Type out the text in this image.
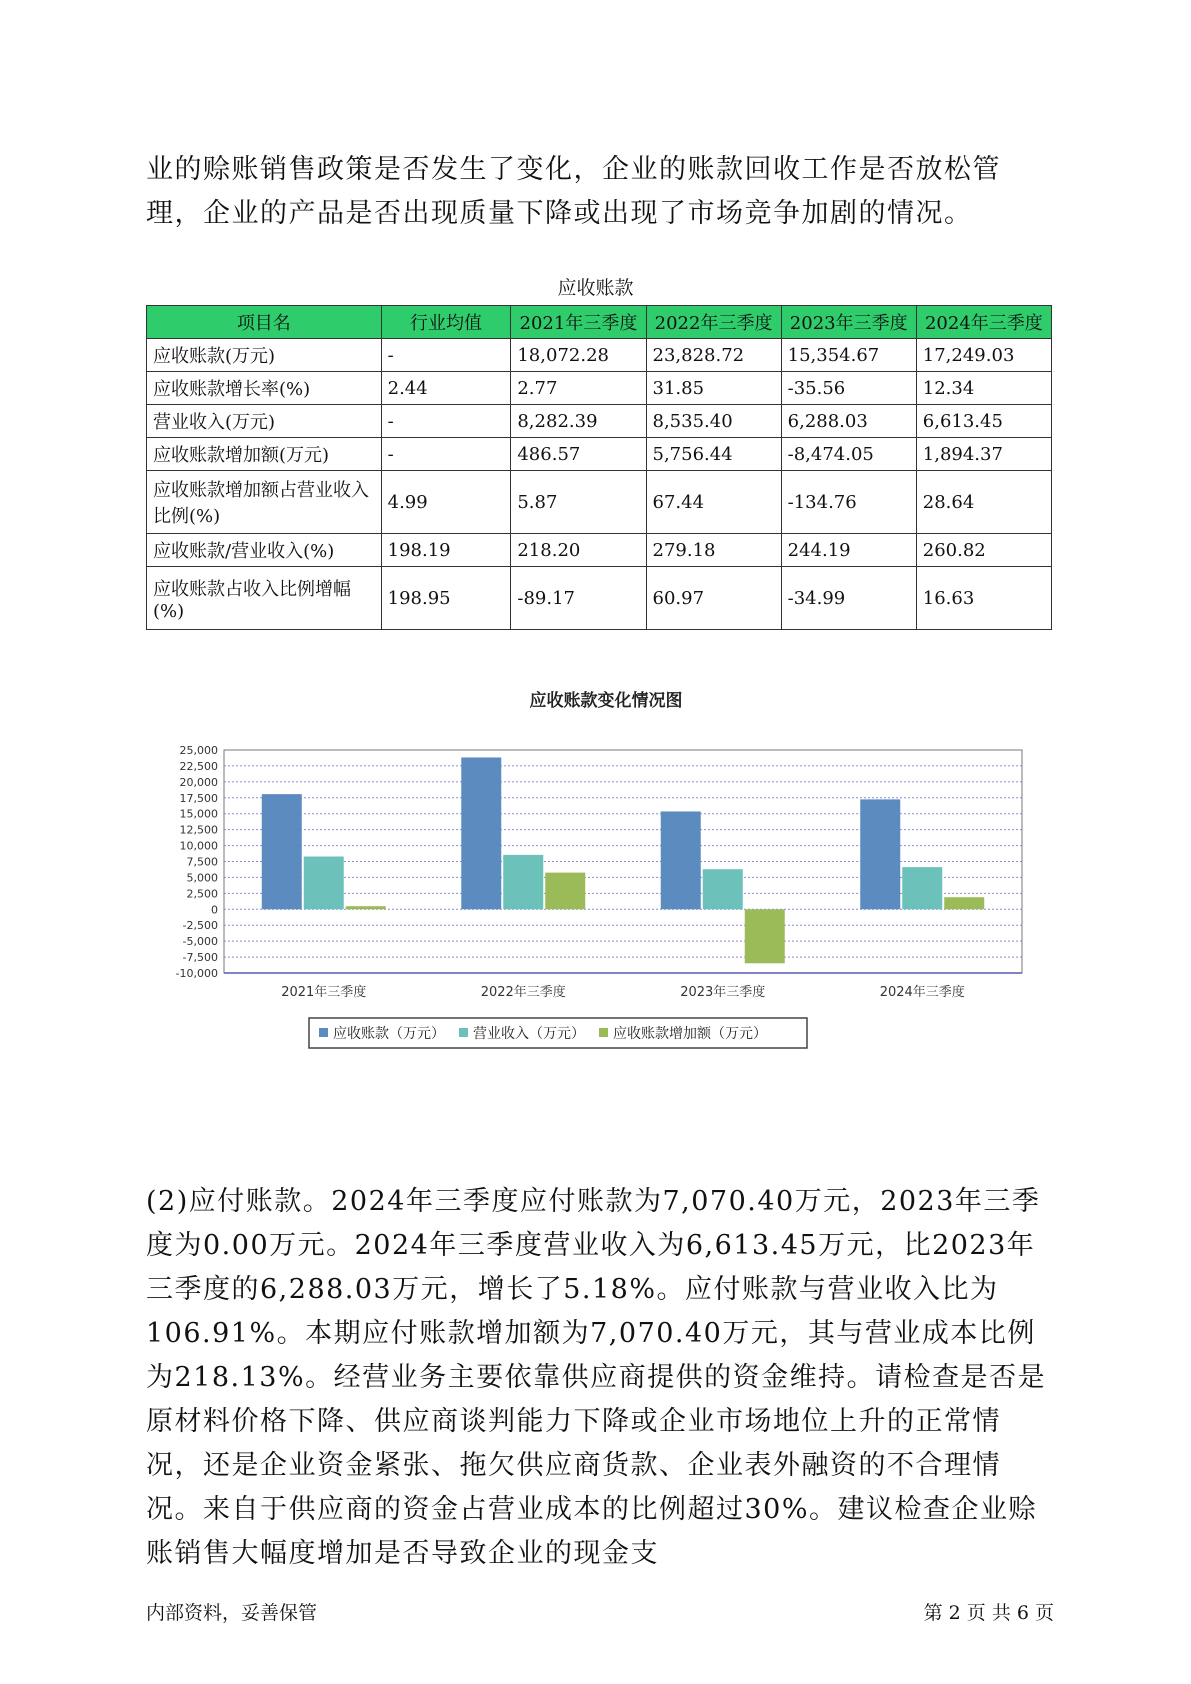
业的赊账销售政策是否发生了变化，企业的账款回收工作是否放松管理，企业的产品是否出现质量下降或出现了市场竞争加剧的情况。

应收账款
项目名	行业均值	2021年三季度	2022年三季度	2023年三季度	2024年三季度
应收账款(万元)	-	18,072.28	23,828.72	15,354.67	17,249.03
应收账款增长率(%)	2.44	2.77	31.85	-35.56	12.34
营业收入(万元)	-	8,282.39	8,535.40	6,288.03	6,613.45
应收账款增加额(万元)	-	486.57	5,756.44	-8,474.05	1,894.37
应收账款增加额占营业收入比例(%)	4.99	5.87	67.44	-134.76	28.64
应收账款/营业收入(%)	198.19	218.20	279.18	244.19	260.82
应收账款占收入比例增幅(%)	198.95	-89.17	60.97	-34.99	16.63
应收账款变化情况图
25,000
22,500
20,000
17,500
15,000
12,500
10,000
7,500
5,000
2,500
0
-2,500
-5,000
-7,500
-10,000
2021年三季度	2022年三季度	2023年三季度	2024年三季度
应收账款（万元） 营业收入（万元） 应收账款增加额（万元）

(2)应付账款。2024年三季度应付账款为7,070.40万元，2023年三季度为0.00万元。2024年三季度营业收入为6,613.45万元，比2023年三季度的6,288.03万元，增长了5.18%。应付账款与营业收入比为106.91%。本期应付账款增加额为7,070.40万元，其与营业成本比例为218.13%。经营业务主要依靠供应商提供的资金维持。请检查是否是原材料价格下降、供应商谈判能力下降或企业市场地位上升的正常情况，还是企业资金紧张、拖欠供应商货款、企业表外融资的不合理情况。来自于供应商的资金占营业成本的比例超过30%。建议检查企业赊账销售大幅度增加是否导致企业的现金支

内部资料，妥善保管	第 2 页 共 6 页
